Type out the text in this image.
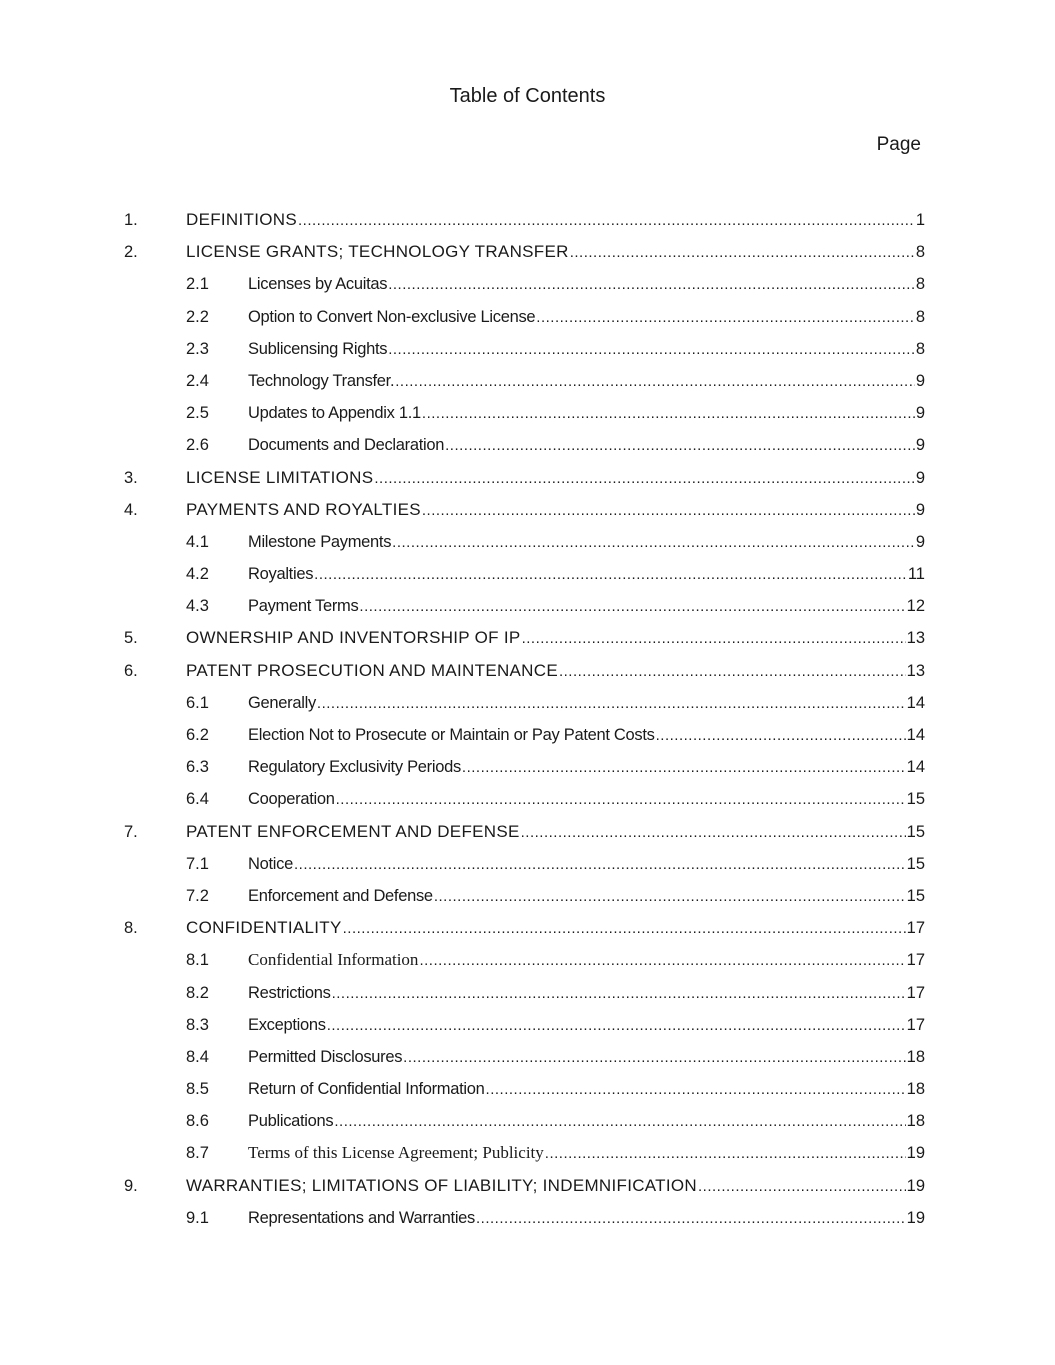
Table of Contents
Page
1.	DEFINITIONS .....	1
2.	LICENSE GRANTS; TECHNOLOGY TRANSFER .....	8
2.1 Licenses by Acuitas .....	8
2.2 Option to Convert Non-exclusive License .....	8
2.3 Sublicensing Rights .....	8
2.4 Technology Transfer. .....	9
2.5 Updates to Appendix 1.1 .....	9
2.6 Documents and Declaration .....	9
3.	LICENSE LIMITATIONS .....	9
4.	PAYMENTS AND ROYALTIES .....	9
4.1 Milestone Payments .....	9
4.2 Royalties .....	11
4.3 Payment Terms .....	12
5.	OWNERSHIP AND INVENTORSHIP OF IP .....	13
6.	PATENT PROSECUTION AND MAINTENANCE .....	13
6.1 Generally .....	14
6.2 Election Not to Prosecute or Maintain or Pay Patent Costs .....	14
6.3 Regulatory Exclusivity Periods .....	14
6.4 Cooperation .....	15
7.	PATENT ENFORCEMENT AND DEFENSE .....	15
7.1 Notice .....	15
7.2 Enforcement and Defense .....	15
8.	CONFIDENTIALITY .....	17
8.1 Confidential Information .....	17
8.2 Restrictions .....	17
8.3 Exceptions .....	17
8.4 Permitted Disclosures .....	18
8.5 Return of Confidential Information .....	18
8.6 Publications .....	18
8.7 Terms of this License Agreement; Publicity .....	19
9.	WARRANTIES; LIMITATIONS OF LIABILITY; INDEMNIFICATION .....	19
9.1 Representations and Warranties .....	19
